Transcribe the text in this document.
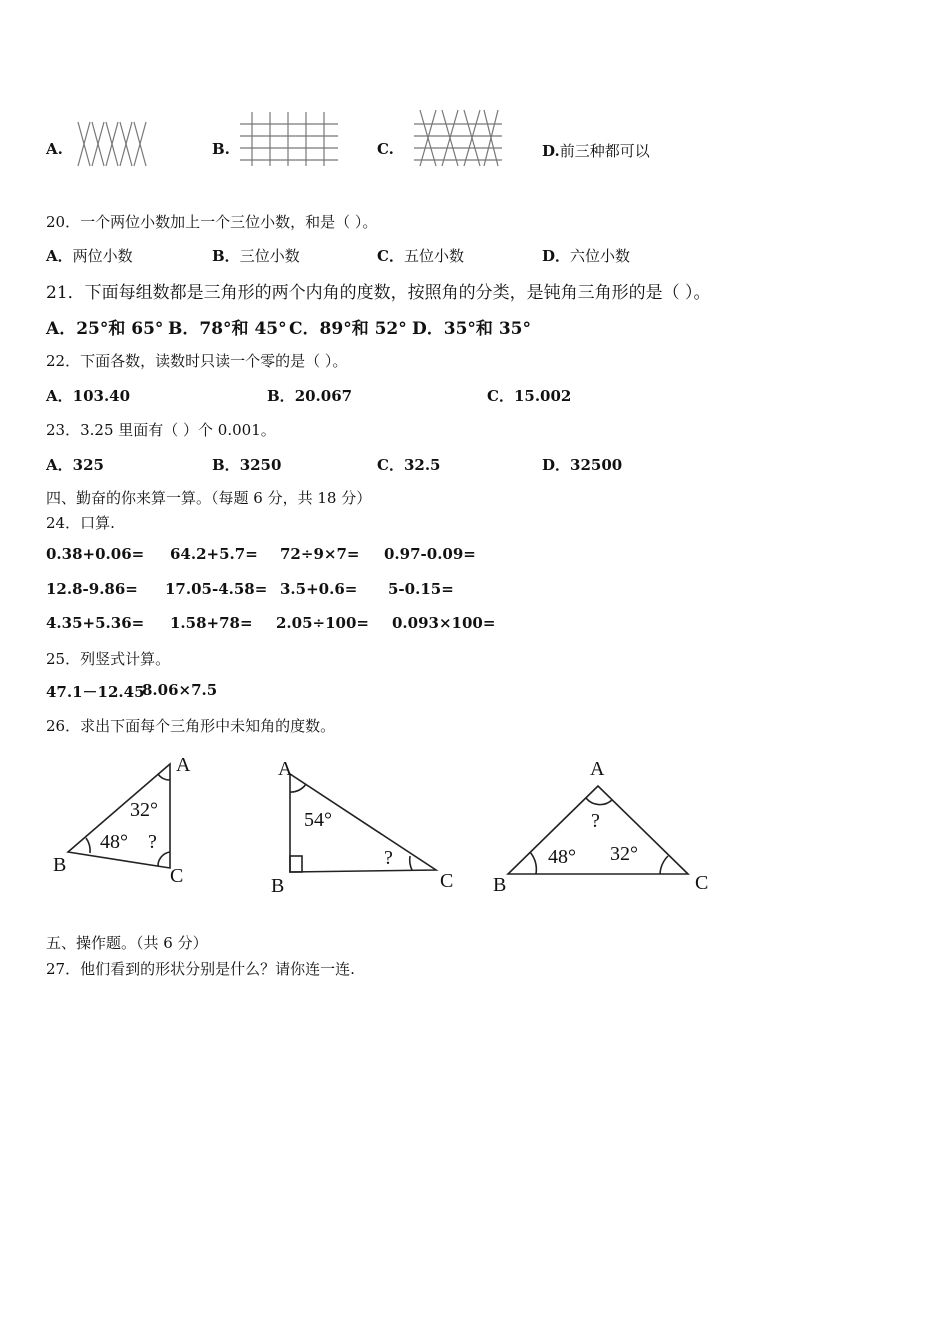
A.	B.	C.	D.前三种都可以
20．一个两位小数加上一个三位小数，和是（ ）。
A．两位小数	B．三位小数	C．五位小数	D．六位小数
21．下面每组数都是三角形的两个内角的度数，按照角的分类，是钝角三角形的是（ ）。
A．25°和 65° B．78°和 45° C．89°和 52° D．35°和 35°
22．下面各数，读数时只读一个零的是（ ）。
A．103.40	B．20.067	C．15.002
23．3.25 里面有（ ）个 0.001。
A．325	B．3250	C．32.5	D．32500
四、勤奋的你来算一算。（每题 6 分，共 18 分）
24．口算.
0.38+0.06= 64.2+5.7= 72÷9×7= 0.97-0.09=
12.8-9.86= 17.05-4.58= 3.5+0.6= 5-0.15=
4.35+5.36= 1.58+78= 2.05÷100= 0.093×100=
25．列竖式计算。
47.1－12.45
8.06×7.5
26．求出下面每个三角形中未知角的度数。
A
B	C
32°
48° ?
A
B	C
54°
?
A
B	C
?
48° 32°
五、操作题。（共 6 分）
27．他们看到的形状分别是什么？请你连一连.
